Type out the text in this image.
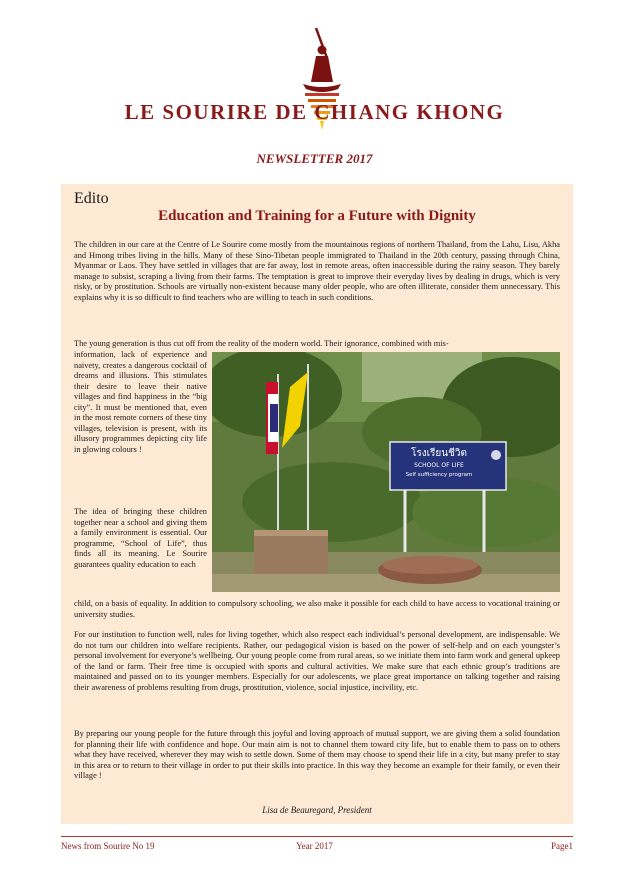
LE SOURIRE DE CHIANG KHONG
NEWSLETTER 2017
Edito
Education and Training for a Future with Dignity

The children in our care at the Centre of Le Sourire come mostly from the mountainous regions of northern Thailand, from the Lahu, Lisu, Akha and Hmong tribes living in the hills. Many of these Sino-Tibetan people immigrated to Thailand in the 20th century, passing through China, Myanmar or Laos. They have settled in villages that are far away, lost in remote areas, often inaccessible during the rainy season. They barely manage to subsist, scraping a living from their farms. The temptation is great to improve their everyday lives by dealing in drugs, which is very risky, or by prostitution. Schools are virtually non-existent because many older people, who are often illiterate, consider them unnecessary. This explains why it is so difficult to find teachers who are willing to teach in such conditions.

The young generation is thus cut off from the reality of the modern world. Their ignorance, combined with mis-

information, lack of experience and naivety, creates a dangerous cocktail of dreams and illusions. This stimulates their desire to leave their native villages and find happiness in the “big city”. It must be mentioned that, even in the most remote corners of these tiny villages, television is present, with its illusory programmes depicting city life in glowing colours !

The idea of bringing these children together near a school and giving them a family environment is essential. Our programme, “School of Life”, thus finds all its meaning. Le Sourire guarantees quality education to each

child, on a basis of equality. In addition to compulsory schooling, we also make it possible for each child to have access to vocational training or university studies.

For our institution to function well, rules for living together, which also respect each individual’s personal development, are indispensable. We do not turn our children into welfare recipients. Rather, our pedagogical vision is based on the power of self-help and on each youngster’s personal involvement for everyone’s wellbeing. Our young people come from rural areas, so we initiate them into farm work and general upkeep of the land or farm. Their free time is occupied with sports and cultural activities. We make sure that each ethnic group’s traditions are maintained and passed on to its younger members. Especially for our adolescents, we place great importance on talking together and raising their awareness of problems resulting from drugs, prostitution, violence, social injustice, incivility, etc.

By preparing our young people for the future through this joyful and loving approach of mutual support, we are giving them a solid foundation for planning their life with confidence and hope. Our main aim is not to channel them toward city life, but to enable them to pass on to others what they have received, wherever they may wish to settle down. Some of them may choose to spend their life in a city, but many prefer to stay in this area or to return to their village in order to put their skills into practice. In this way they become an example for their family, or even their village !

โรงเรียนชีวิต
SCHOOL OF LIFE
Self sufficiency program
Lisa de Beauregard, President
News from Sourire No 19	Year 2017	Page1
